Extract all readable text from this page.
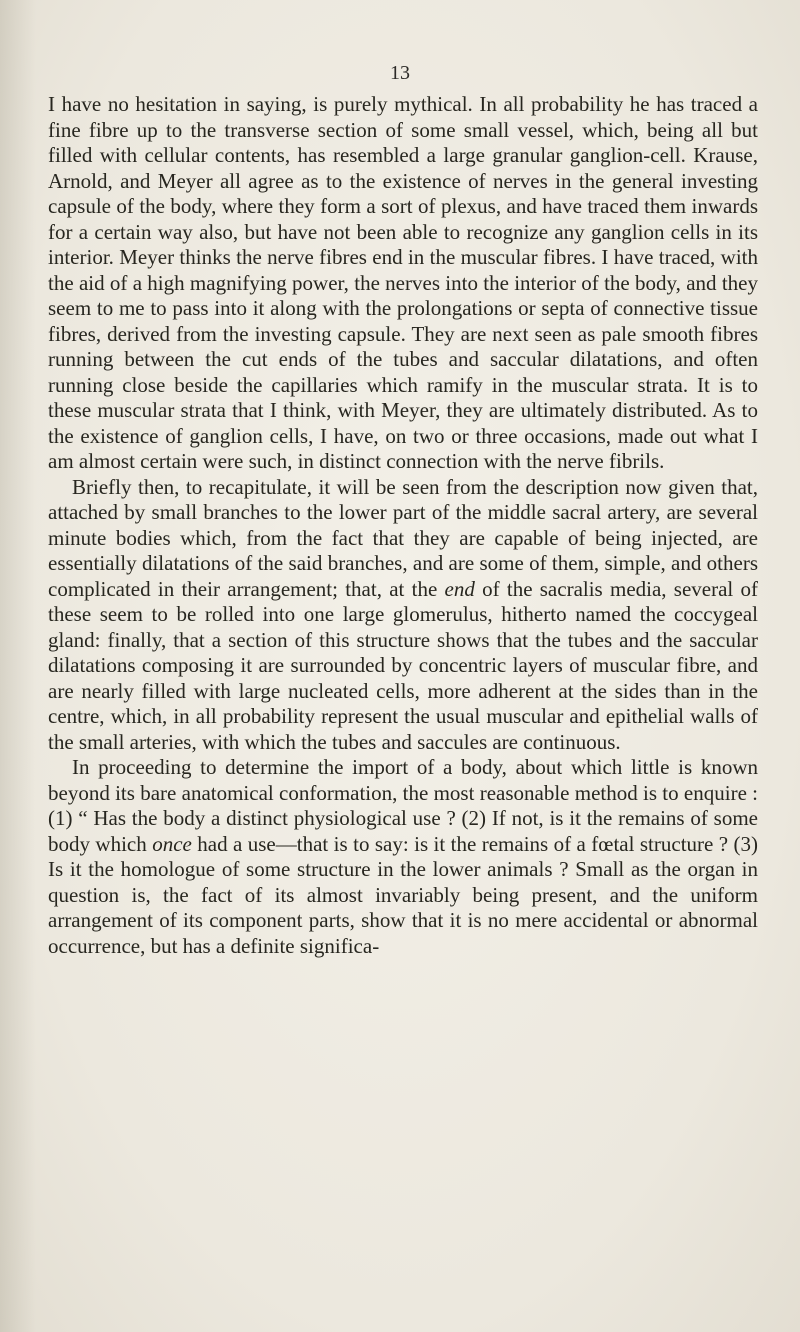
13

I have no hesitation in saying, is purely mythical. In all probability he has traced a fine fibre up to the transverse section of some small vessel, which, being all but filled with cellular contents, has resembled a large granular ganglion-cell. Krause, Arnold, and Meyer all agree as to the existence of nerves in the general investing capsule of the body, where they form a sort of plexus, and have traced them inwards for a certain way also, but have not been able to recognize any ganglion cells in its interior. Meyer thinks the nerve fibres end in the muscular fibres. I have traced, with the aid of a high magnifying power, the nerves into the interior of the body, and they seem to me to pass into it along with the prolongations or septa of connective tissue fibres, derived from the investing capsule. They are next seen as pale smooth fibres running between the cut ends of the tubes and saccular dilatations, and often running close beside the capillaries which ramify in the muscular strata. It is to these muscular strata that I think, with Meyer, they are ultimately distributed. As to the existence of ganglion cells, I have, on two or three occasions, made out what I am almost certain were such, in distinct connection with the nerve fibrils.

Briefly then, to recapitulate, it will be seen from the description now given that, attached by small branches to the lower part of the middle sacral artery, are several minute bodies which, from the fact that they are capable of being injected, are essentially dilatations of the said branches, and are some of them, simple, and others complicated in their arrangement; that, at the end of the sacralis media, several of these seem to be rolled into one large glomerulus, hitherto named the coccygeal gland: finally, that a section of this structure shows that the tubes and the saccular dilatations composing it are surrounded by concentric layers of muscular fibre, and are nearly filled with large nucleated cells, more adherent at the sides than in the centre, which, in all probability represent the usual muscular and epithelial walls of the small arteries, with which the tubes and saccules are continuous.

In proceeding to determine the import of a body, about which little is known beyond its bare anatomical conformation, the most reasonable method is to enquire : (1) “ Has the body a distinct physiological use ? (2) If not, is it the remains of some body which once had a use—that is to say: is it the remains of a fœtal structure ? (3) Is it the homologue of some structure in the lower animals ? Small as the organ in question is, the fact of its almost invariably being present, and the uniform arrangement of its component parts, show that it is no mere accidental or abnormal occurrence, but has a definite significa-
